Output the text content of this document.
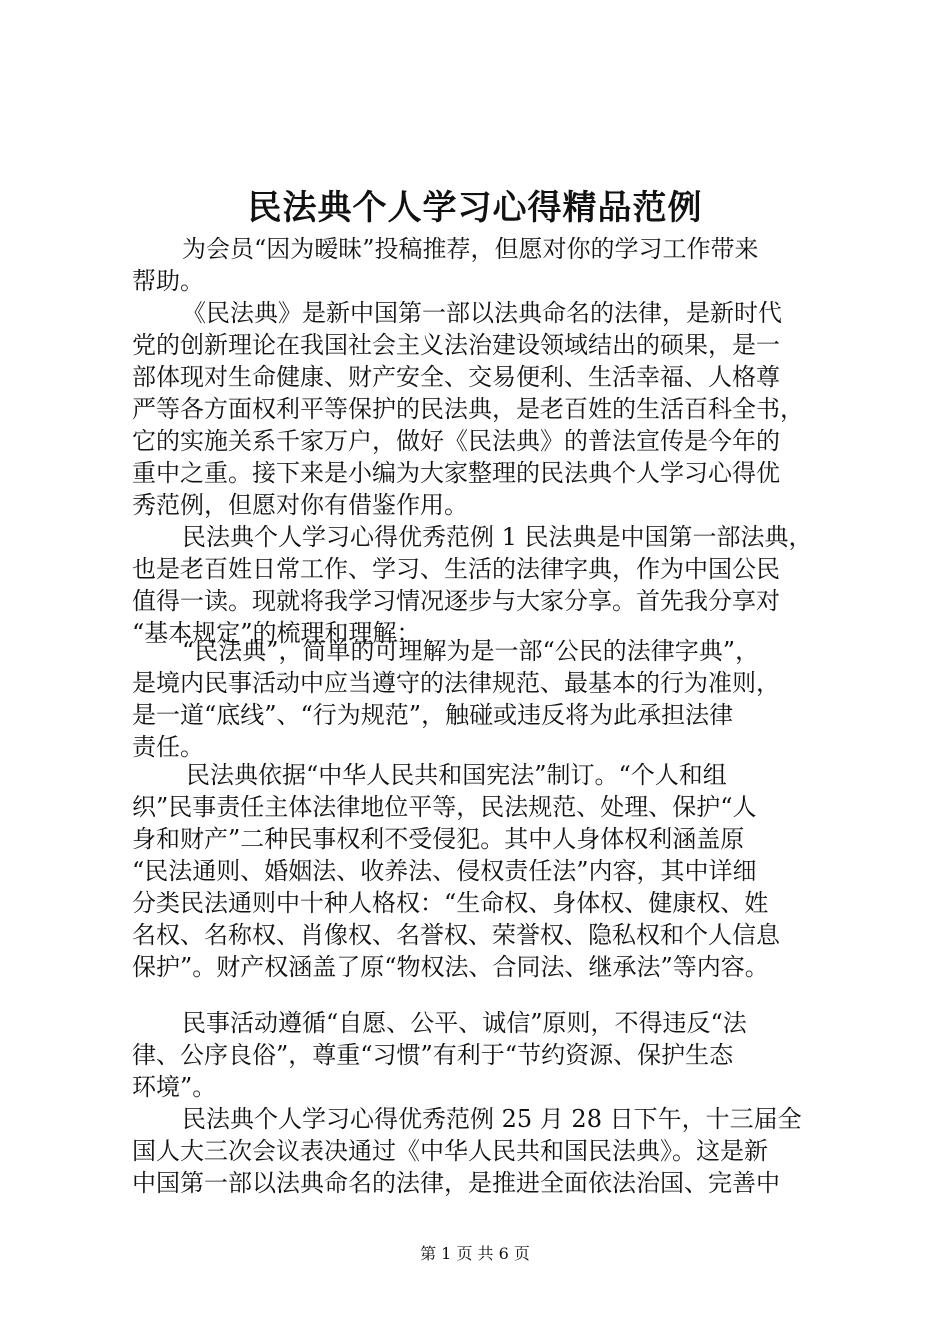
民法典个人学习心得精品范例
为会员“因为暧昧”投稿推荐，但愿对你的学习工作带来
帮助。
《民法典》是新中国第一部以法典命名的法律，是新时代
党的创新理论在我国社会主义法治建设领域结出的硕果，是一
部体现对生命健康、财产安全、交易便利、生活幸福、人格尊
严等各方面权利平等保护的民法典，是老百姓的生活百科全书，
它的实施关系千家万户，做好《民法典》的普法宣传是今年的
重中之重。接下来是小编为大家整理的民法典个人学习心得优
秀范例，但愿对你有借鉴作用。
民法典个人学习心得优秀范例 1 民法典是中国第一部法典，
也是老百姓日常工作、学习、生活的法律字典，作为中国公民
值得一读。现就将我学习情况逐步与大家分享。首先我分享对
“基本规定”的梳理和理解：
“民法典”，简单的可理解为是一部“公民的法律字典”，
是境内民事活动中应当遵守的法律规范、最基本的行为准则，
是一道“底线”、“行为规范”，触碰或违反将为此承担法律
责任。
民法典依据“中华人民共和国宪法”制订。“个人和组
织”民事责任主体法律地位平等，民法规范、处理、保护“人
身和财产”二种民事权利不受侵犯。其中人身体权利涵盖原
“民法通则、婚姻法、收养法、侵权责任法”内容，其中详细
分类民法通则中十种人格权：“生命权、身体权、健康权、姓
名权、名称权、肖像权、名誉权、荣誉权、隐私权和个人信息
保护”。财产权涵盖了原“物权法、合同法、继承法”等内容。
民事活动遵循“自愿、公平、诚信”原则，不得违反“法
律、公序良俗”，尊重“习惯”有利于“节约资源、保护生态
环境”。
民法典个人学习心得优秀范例 25 月 28 日下午，十三届全
国人大三次会议表决通过《中华人民共和国民法典》。这是新
中国第一部以法典命名的法律，是推进全面依法治国、完善中
第 1 页 共 6 页
